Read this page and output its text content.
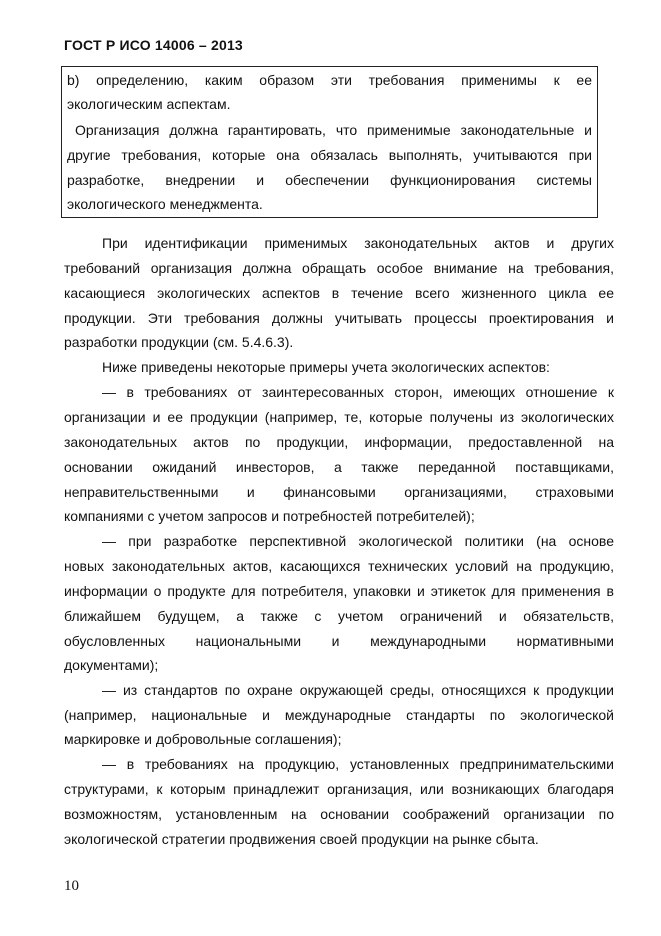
ГОСТ Р ИСО 14006 – 2013
b) определению, каким образом эти требования применимы к ее
экологическим аспектам.
Организация должна гарантировать, что применимые законодательные и
другие требования, которые она обязалась выполнять, учитываются при
разработке, внедрении и обеспечении функционирования системы
экологического менеджмента.
При идентификации применимых законодательных актов и других
требований организация должна обращать особое внимание на требования,
касающиеся экологических аспектов в течение всего жизненного цикла ее
продукции. Эти требования должны учитывать процессы проектирования и
разработки продукции (см. 5.4.6.3).
Ниже приведены некоторые примеры учета экологических аспектов:
— в требованиях от заинтересованных сторон, имеющих отношение к
организации и ее продукции (например, те, которые получены из экологических
законодательных актов по продукции, информации, предоставленной на
основании ожиданий инвесторов, а также переданной поставщиками,
неправительственными и финансовыми организациями, страховыми
компаниями с учетом запросов и потребностей потребителей);
— при разработке перспективной экологической политики (на основе
новых законодательных актов, касающихся технических условий на продукцию,
информации о продукте для потребителя, упаковки и этикеток для применения в
ближайшем будущем, а также с учетом ограничений и обязательств,
обусловленных национальными и международными нормативными
документами);
— из стандартов по охране окружающей среды, относящихся к продукции
(например, национальные и международные стандарты по экологической
маркировке и добровольные соглашения);
— в требованиях на продукцию, установленных предпринимательскими
структурами, к которым принадлежит организация, или возникающих благодаря
возможностям, установленным на основании соображений организации по
экологической стратегии продвижения своей продукции на рынке сбыта.
10
